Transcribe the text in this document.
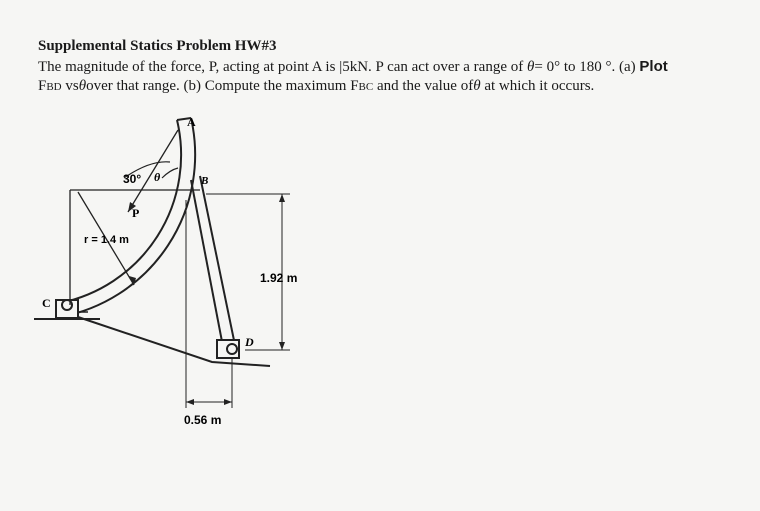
Supplemental Statics Problem HW#3
The magnitude of the force, P, acting at point A is |5kN. P can act over a range of θ= 0° to 180 °. (a) Plot
FBD vsθover that range. (b) Compute the maximum FBC and the value ofθ at which it occurs.
A
B
C
D
P
30° θ
r = 1.4 m
1.92 m
0.56 m
